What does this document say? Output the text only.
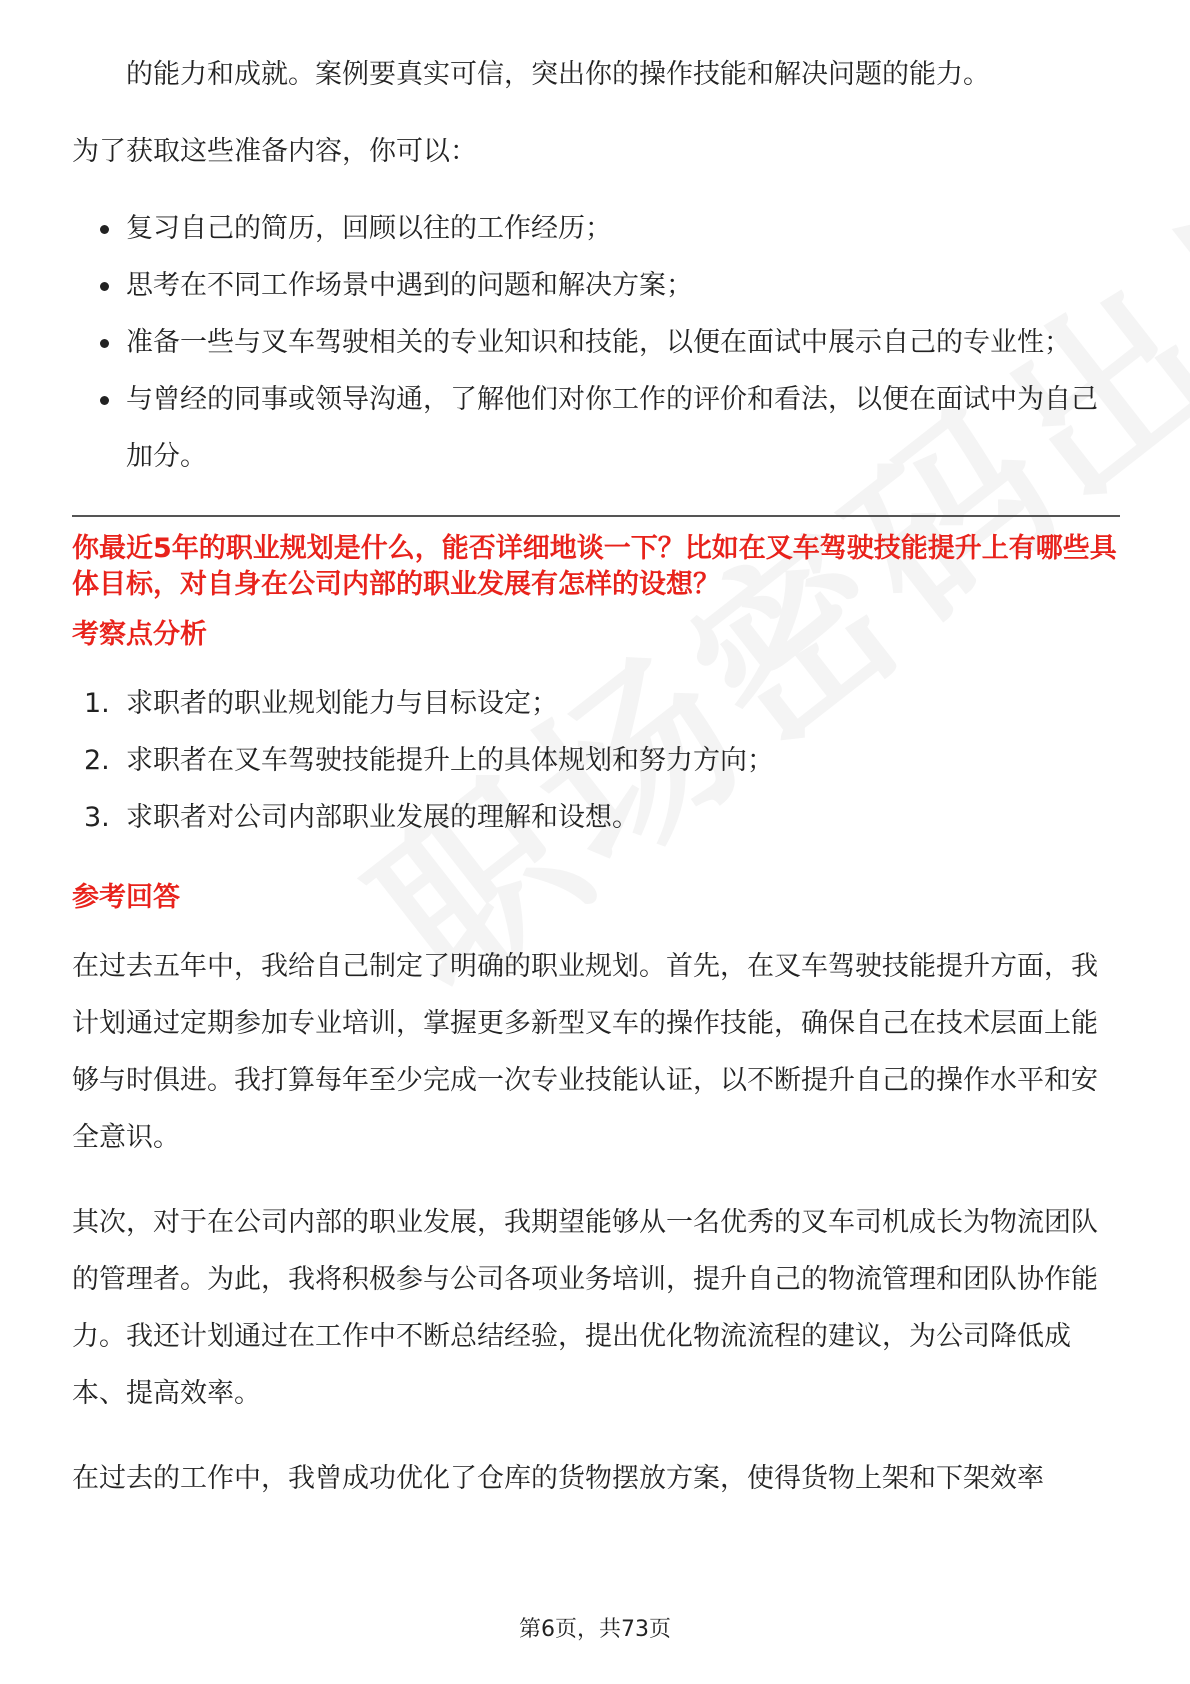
的能力和成就。案例要真实可信，突出你的操作技能和解决问题的能力。

为了获取这些准备内容，你可以：

复习自己的简历，回顾以往的工作经历；
思考在不同工作场景中遇到的问题和解决方案；
准备一些与叉车驾驶相关的专业知识和技能，以便在面试中展示自己的专业性；
与曾经的同事或领导沟通，了解他们对你工作的评价和看法，以便在面试中为自己加分。

你最近5年的职业规划是什么，能否详细地谈一下？比如在叉车驾驶技能提升上有哪些具体目标，对自身在公司内部的职业发展有怎样的设想？

考察点分析
1. 求职者的职业规划能力与目标设定；
2. 求职者在叉车驾驶技能提升上的具体规划和努力方向；
3. 求职者对公司内部职业发展的理解和设想。
参考回答

在过去五年中，我给自己制定了明确的职业规划。首先，在叉车驾驶技能提升方面，我计划通过定期参加专业培训，掌握更多新型叉车的操作技能，确保自己在技术层面上能够与时俱进。我打算每年至少完成一次专业技能认证，以不断提升自己的操作水平和安全意识。

其次，对于在公司内部的职业发展，我期望能够从一名优秀的叉车司机成长为物流团队的管理者。为此，我将积极参与公司各项业务培训，提升自己的物流管理和团队协作能力。我还计划通过在工作中不断总结经验，提出优化物流流程的建议，为公司降低成本、提高效率。

在过去的工作中，我曾成功优化了仓库的货物摆放方案，使得货物上架和下架效率

第6页，共73页
